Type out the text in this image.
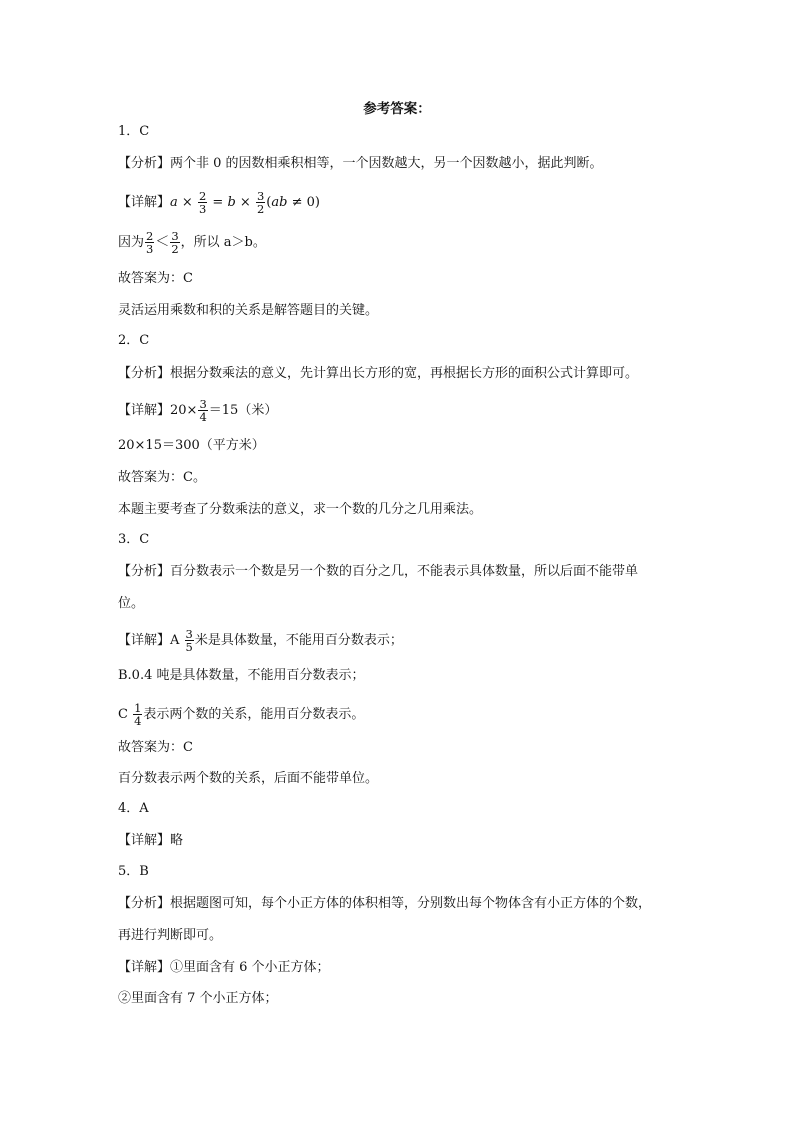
参考答案：
1．C
【分析】两个非 0 的因数相乘积相等，一个因数越大，另一个因数越小，据此判断。
【详解】$a \times \frac{2}{3} = b \times \frac{3}{2} (ab \ne 0)$
因为 $\frac{2}{3} < \frac{3}{2}$ ，所以 a＞b。
故答案为：C
灵活运用乘数和积的关系是解答题目的关键。
2．C
【分析】根据分数乘法的意义，先计算出长方形的宽，再根据长方形的面积公式计算即可。
【详解】$20\times \frac{3}{4} =15$（米）
20×15＝300（平方米）
故答案为：C。
本题主要考查了分数乘法的意义，求一个数的几分之几用乘法。
3．C
【分析】百分数表示一个数是另一个数的百分之几，不能表示具体数量，所以后面不能带单
位。
【详解】A $\frac{3}{5}$ 米是具体数量，不能用百分数表示；
B.0.4 吨是具体数量，不能用百分数表示；
C $\frac{1}{4}$ 表示两个数的关系，能用百分数表示。
故答案为：C
百分数表示两个数的关系，后面不能带单位。
4．A
【详解】略
5．B
【分析】根据题图可知，每个小正方体的体积相等，分别数出每个物体含有小正方体的个数，
再进行判断即可。
【详解】①里面含有 6 个小正方体；
②里面含有 7 个小正方体；
